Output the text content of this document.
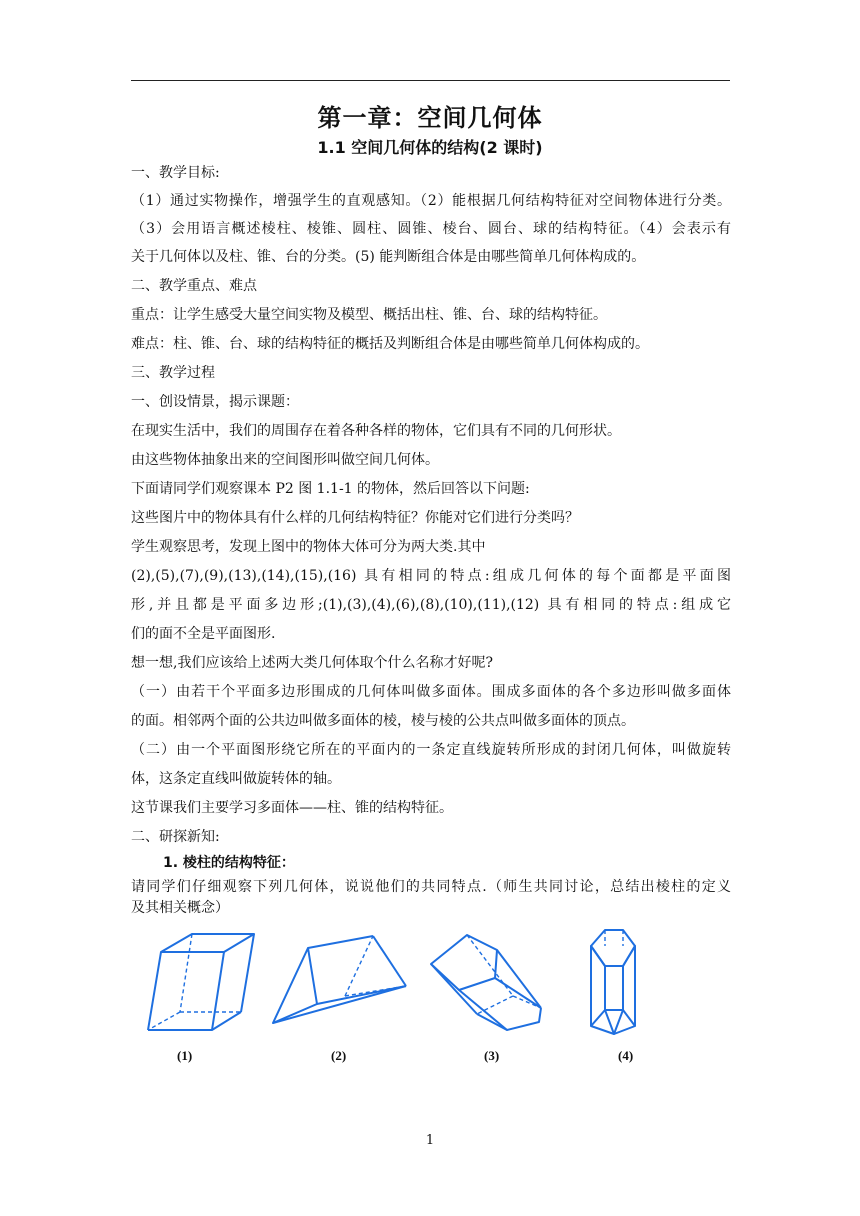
第一章：空间几何体
1.1 空间几何体的结构(2 课时)
一、教学目标:
（1）通过实物操作，增强学生的直观感知。（2）能根据几何结构特征对空间物体进行分类。
（3）会用语言概述棱柱、棱锥、圆柱、圆锥、棱台、圆台、球的结构特征。（4）会表示有
关于几何体以及柱、锥、台的分类。(5) 能判断组合体是由哪些简单几何体构成的。
二、教学重点、难点
重点：让学生感受大量空间实物及模型、概括出柱、锥、台、球的结构特征。
难点：柱、锥、台、球的结构特征的概括及判断组合体是由哪些简单几何体构成的。
三、教学过程
一、创设情景，揭示课题：
在现实生活中，我们的周围存在着各种各样的物体，它们具有不同的几何形状。
由这些物体抽象出来的空间图形叫做空间几何体。
下面请同学们观察课本 P2 图 1.1-1 的物体，然后回答以下问题:
这些图片中的物体具有什么样的几何结构特征？你能对它们进行分类吗？
学生观察思考，发现上图中的物体大体可分为两大类.其中
(2),(5),(7),(9),(13),(14),(15),(16) 具有相同的特点:组成几何体的每个面都是平面图
形,并且都是平面多边形;(1),(3),(4),(6),(8),(10),(11),(12) 具有相同的特点:组成它
们的面不全是平面图形.
想一想,我们应该给上述两大类几何体取个什么名称才好呢?
（一）由若干个平面多边形围成的几何体叫做多面体。围成多面体的各个多边形叫做多面体
的面。相邻两个面的公共边叫做多面体的棱，棱与棱的公共点叫做多面体的顶点。
（二）由一个平面图形绕它所在的平面内的一条定直线旋转所形成的封闭几何体，叫做旋转
体，这条定直线叫做旋转体的轴。
这节课我们主要学习多面体——柱、锥的结构特征。
二、研探新知:
1. 棱柱的结构特征：
请同学们仔细观察下列几何体，说说他们的共同特点.（师生共同讨论，总结出棱柱的定义
及其相关概念）
(1)	(2)	(3)	(4)
1
